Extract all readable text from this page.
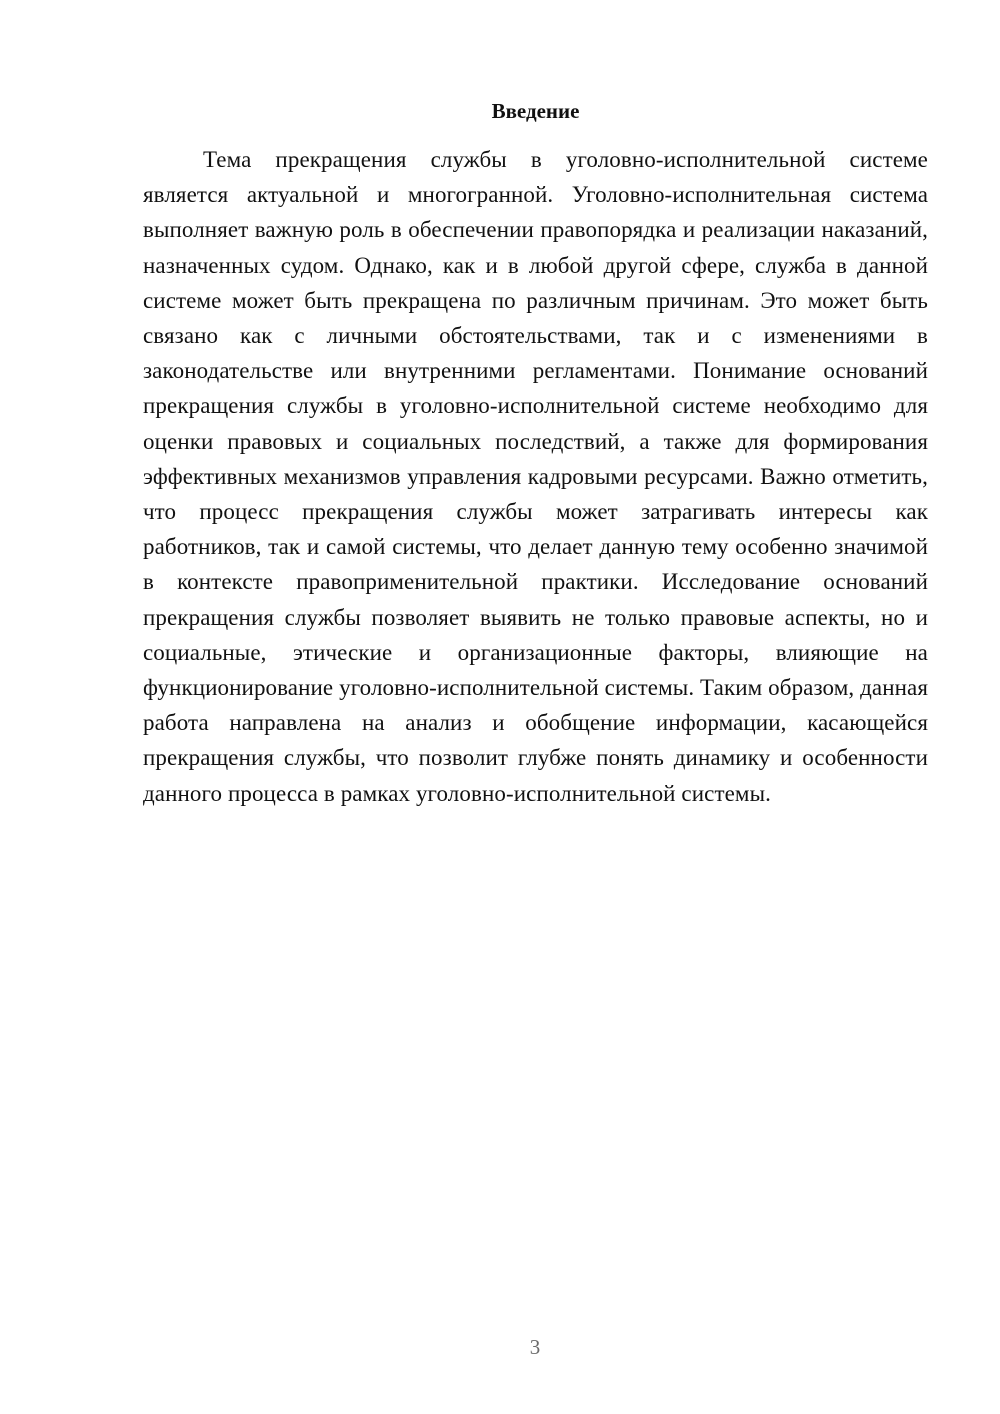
Введение

Тема прекращения службы в уголовно-исполнительной системе является актуальной и многогранной. Уголовно-исполнительная система выполняет важную роль в обеспечении правопорядка и реализации наказаний, назначенных судом. Однако, как и в любой другой сфере, служба в данной системе может быть прекращена по различным причинам. Это может быть связано как с личными обстоятельствами, так и с изменениями в законодательстве или внутренними регламентами. Понимание оснований прекращения службы в уголовно-исполнительной системе необходимо для оценки правовых и социальных последствий, а также для формирования эффективных механизмов управления кадровыми ресурсами. Важно отметить, что процесс прекращения службы может затрагивать интересы как работников, так и самой системы, что делает данную тему особенно значимой в контексте правоприменительной практики. Исследование оснований прекращения службы позволяет выявить не только правовые аспекты, но и социальные, этические и организационные факторы, влияющие на функционирование уголовно-исполнительной системы. Таким образом, данная работа направлена на анализ и обобщение информации, касающейся прекращения службы, что позволит глубже понять динамику и особенности данного процесса в рамках уголовно-исполнительной системы.

3
